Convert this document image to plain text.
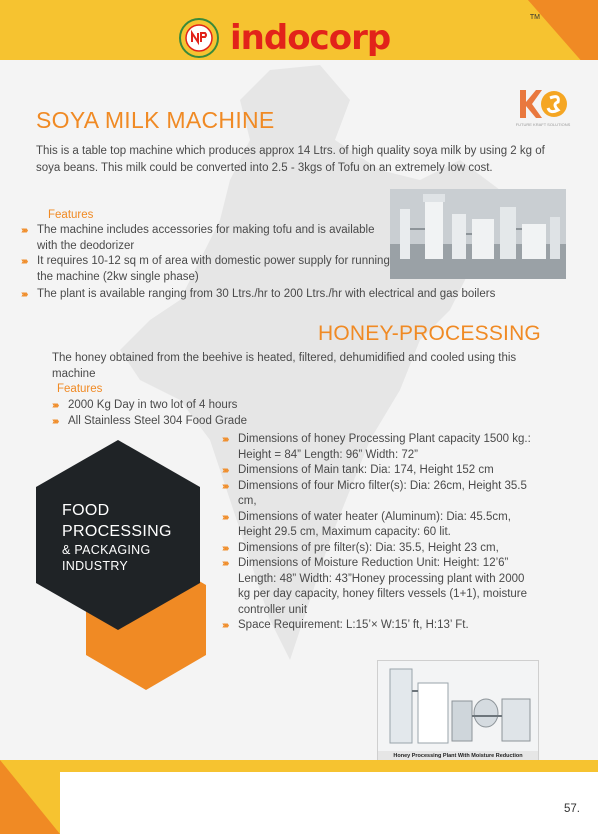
indocorp
TM
FUTURE KRAFT SOLUTIONS
SOYA MILK MACHINE

This is a table top machine which produces approx 14 Ltrs. of high quality soya milk by using 2 kg of soya beans. This milk could be converted into 2.5 - 3kgs of Tofu on an extremely low cost.

Features
›››› The machine includes accessories for making tofu and is available with the deodorizer
›››› It requires 10-12 sq m of area with domestic power supply for running the machine (2kw single phase)
›››› The plant is available ranging from 30 Ltrs./hr to 200 Ltrs./hr with electrical and gas boilers
HONEY-PROCESSING

The honey obtained from the beehive is heated, filtered, dehumidified and cooled using this machine

Features
›››› 2000 Kg Day in two lot of 4 hours
›››› All Stainless Steel 304 Food Grade
›››› Dimensions of honey Processing Plant capacity 1500 kg.: Height = 84” Length: 96” Width: 72”
›››› Dimensions of Main tank: Dia: 174, Height 152 cm
›››› Dimensions of four Micro filter(s): Dia: 26cm, Height 35.5 cm,
›››› Dimensions of water heater (Aluminum): Dia: 45.5cm, Height 29.5 cm, Maximum capacity: 60 lit.
›››› Dimensions of pre filter(s): Dia: 35.5, Height 23 cm,
›››› Dimensions of Moisture Reduction Unit: Height: 12’6” Length: 48” Width: 43”Honey processing plant with 2000 kg per day capacity, honey filters vessels (1+1), moisture controller unit
›››› Space Requirement: L:15’× W:15’ ft, H:13’ Ft.
FOOD
PROCESSING
& PACKAGING
INDUSTRY
Honey Processing Plant With Moisture Reduction
57.
